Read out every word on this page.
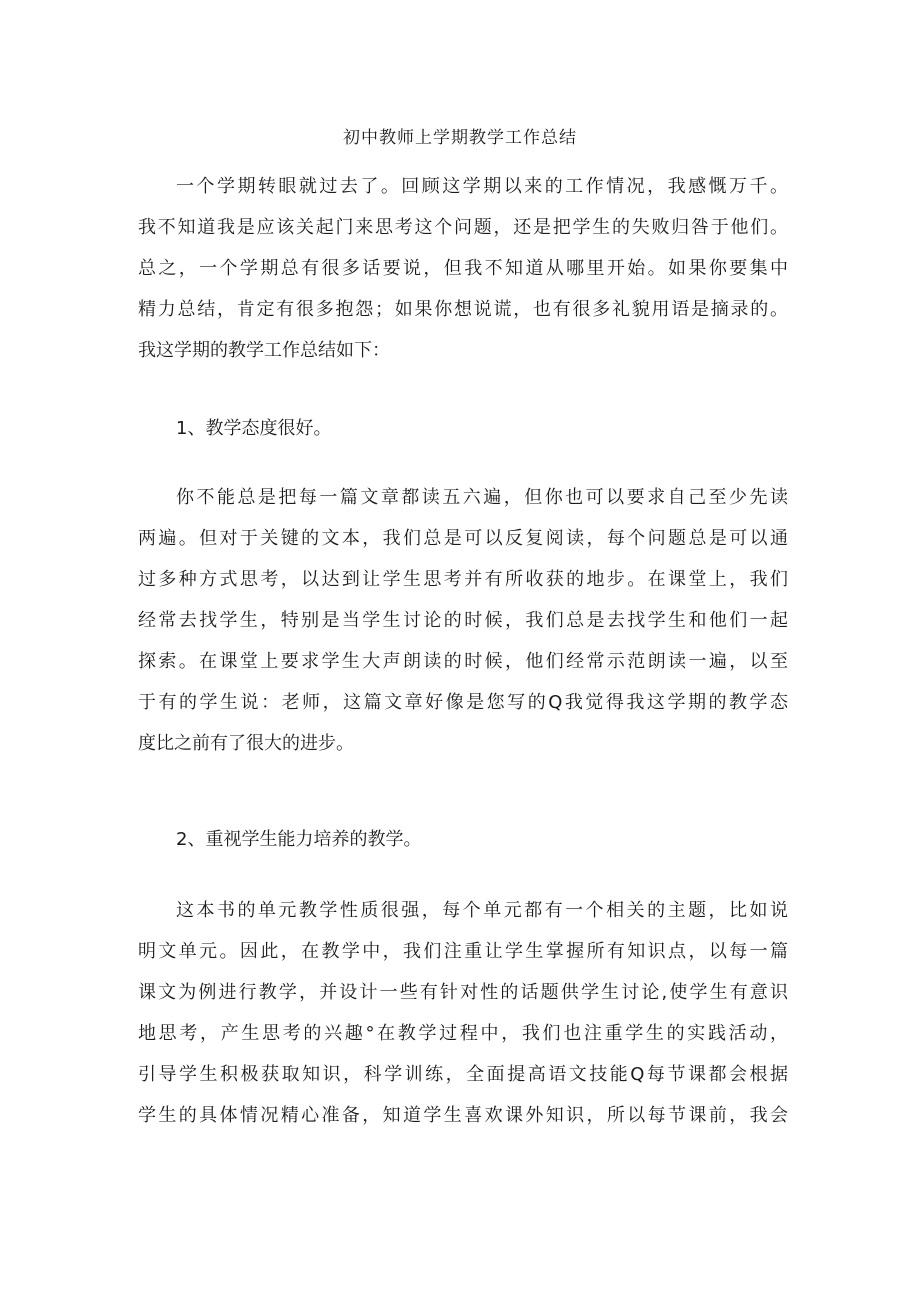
初中教师上学期教学工作总结
一个学期转眼就过去了。回顾这学期以来的工作情况，我感慨万千。
我不知道我是应该关起门来思考这个问题，还是把学生的失败归咎于他们。
总之，一个学期总有很多话要说，但我不知道从哪里开始。如果你要集中
精力总结，肯定有很多抱怨；如果你想说谎，也有很多礼貌用语是摘录的。
我这学期的教学工作总结如下：
1、教学态度很好。
你不能总是把每一篇文章都读五六遍，但你也可以要求自己至少先读
两遍。但对于关键的文本，我们总是可以反复阅读，每个问题总是可以通
过多种方式思考，以达到让学生思考并有所收获的地步。在课堂上，我们
经常去找学生，特别是当学生讨论的时候，我们总是去找学生和他们一起
探索。在课堂上要求学生大声朗读的时候，他们经常示范朗读一遍，以至
于有的学生说：老师，这篇文章好像是您写的Q我觉得我这学期的教学态
度比之前有了很大的进步。
2、重视学生能力培养的教学。
这本书的单元教学性质很强，每个单元都有一个相关的主题，比如说
明文单元。因此，在教学中，我们注重让学生掌握所有知识点，以每一篇
课文为例进行教学，并设计一些有针对性的话题供学生讨论,使学生有意识
地思考，产生思考的兴趣°在教学过程中，我们也注重学生的实践活动，
引导学生积极获取知识，科学训练，全面提高语文技能Q每节课都会根据
学生的具体情况精心准备，知道学生喜欢课外知识，所以每节课前，我会
